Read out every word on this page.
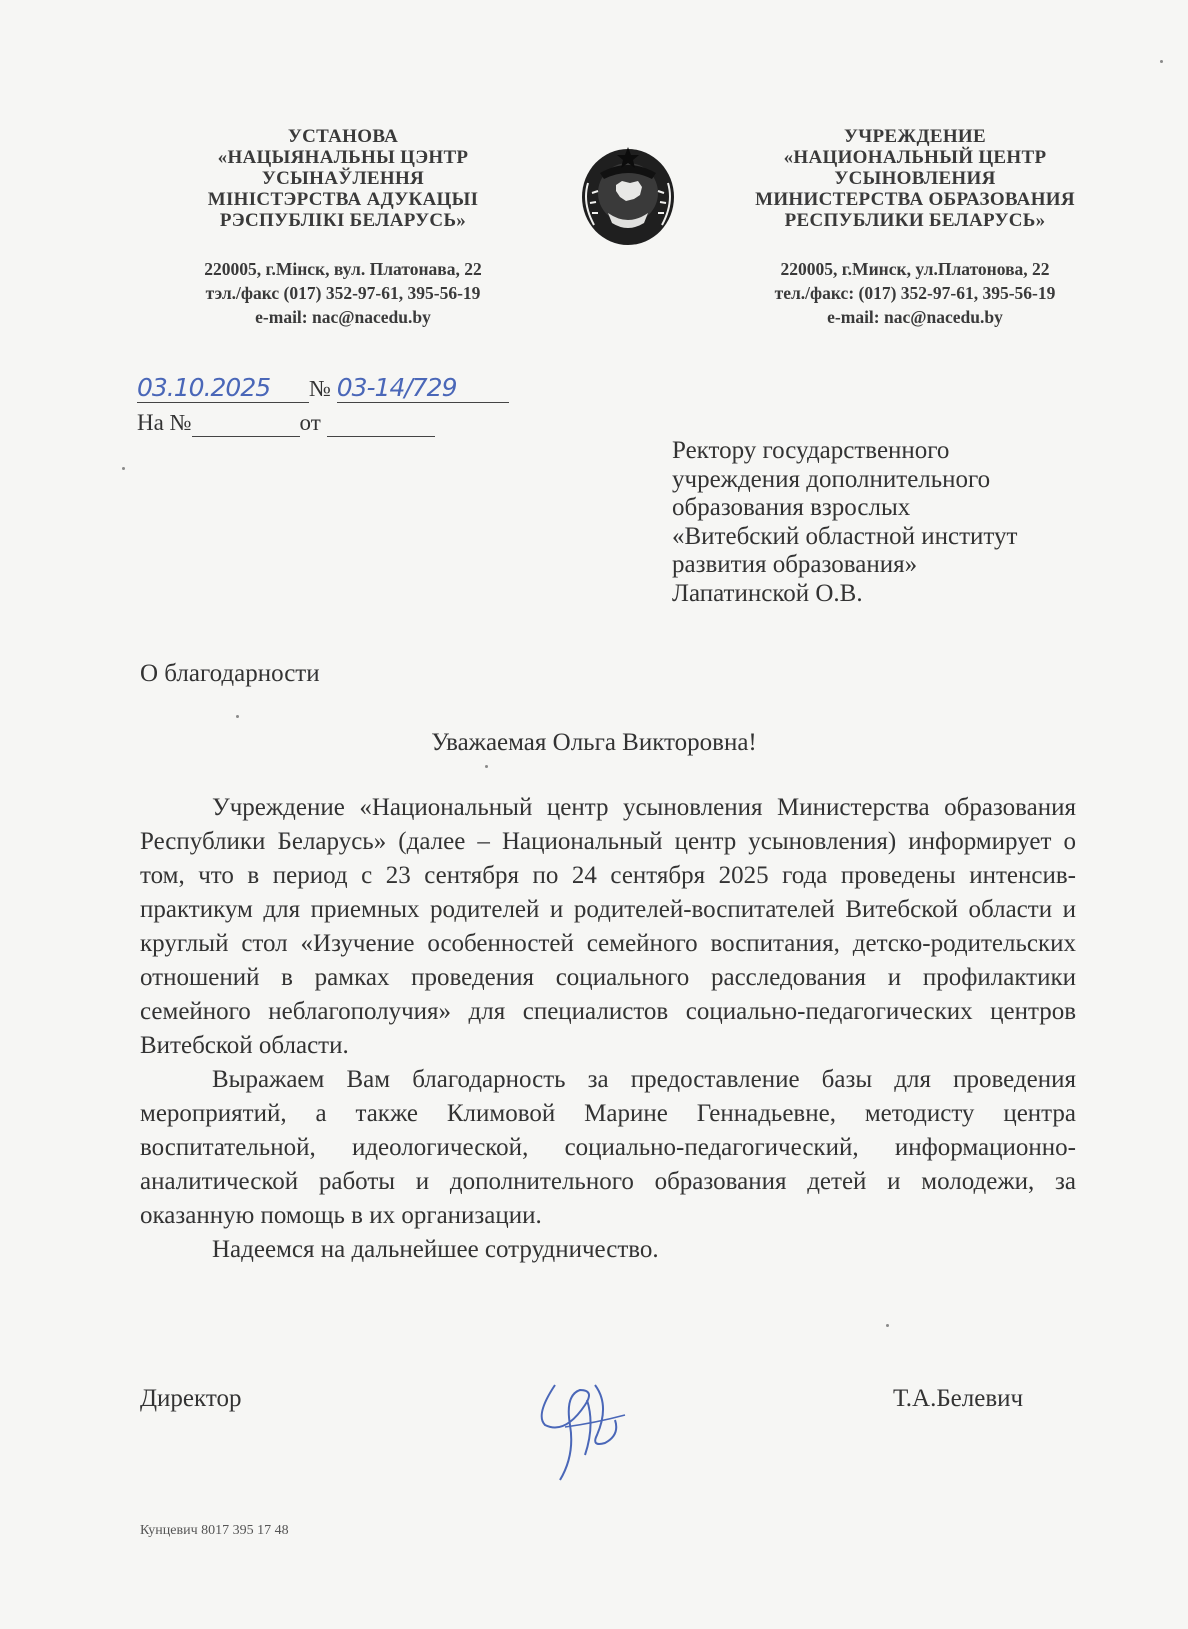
УСТАНОВА
«НАЦЫЯНАЛЬНЫ ЦЭНТР
УСЫНАЎЛЕННЯ
МІНІСТЭРСТВА АДУКАЦЫІ
РЭСПУБЛІКІ БЕЛАРУСЬ»
220005, г.Мінск, вул. Платонава, 22
тэл./факс (017) 352-97-61, 395-56-19
e-mail: nac@nacedu.by
УЧРЕЖДЕНИЕ
«НАЦИОНАЛЬНЫЙ ЦЕНТР
УСЫНОВЛЕНИЯ
МИНИСТЕРСТВА ОБРАЗОВАНИЯ
РЕСПУБЛИКИ БЕЛАРУСЬ»
220005, г.Минск, ул.Платонова, 22
тел./факс: (017) 352-97-61, 395-56-19
e-mail: nac@nacedu.by
03.10.2025 № 03-14/729
На №	от
Ректору государственного
учреждения дополнительного
образования взрослых
«Витебский областной институт
развития образования»
Лапатинской О.В.
О благодарности
Уважаемая Ольга Викторовна!

Учреждение «Национальный центр усыновления Министерства образования Республики Беларусь» (далее – Национальный центр усыновления) информирует о том, что в период с 23 сентября по 24 сентября 2025 года проведены интенсив-практикум для приемных родителей и родителей-воспитателей Витебской области и круглый стол «Изучение особенностей семейного воспитания, детско-родительских отношений в рамках проведения социального расследования и профилактики семейного неблагополучия» для специалистов социально-педагогических центров Витебской области.

Выражаем Вам благодарность за предоставление базы для проведения мероприятий, а также Климовой Марине Геннадьевне, методисту центра воспитательной, идеологической, социально-педагогический, информационно-аналитической работы и дополнительного образования детей и молодежи, за оказанную помощь в их организации.

Надеемся на дальнейшее сотрудничество.

Директор	Т.А.Белевич
Кунцевич 8017 395 17 48
